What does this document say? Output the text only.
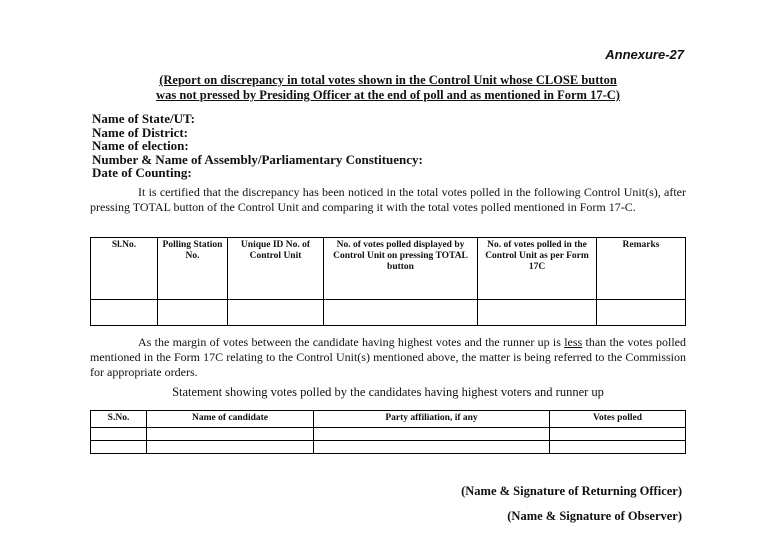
Annexure-27
(Report on discrepancy in total votes shown in the Control Unit whose CLOSE button
was not pressed by Presiding Officer at the end of poll and as mentioned in Form 17-C)
Name of State/UT:
Name of District:
Name of election:
Number & Name of Assembly/Parliamentary Constituency:
Date of Counting:
It is certified that the discrepancy has been noticed in the total votes polled in the following Control Unit(s), after pressing TOTAL button of the Control Unit and comparing it with the total votes polled mentioned in Form 17-C.
Sl.No.	Polling Station No.	Unique ID No. of Control Unit	No. of votes polled displayed by Control Unit on pressing TOTAL button	No. of votes polled in the Control Unit as per Form 17C	Remarks

As the margin of votes between the candidate having highest votes and the runner up is less than the votes polled mentioned in the Form 17C relating to the Control Unit(s) mentioned above, the matter is being referred to the Commission for appropriate orders.
Statement showing votes polled by the candidates having highest voters and runner up
S.No.	Name of candidate	Party affiliation, if any	Votes polled

(Name & Signature of Returning Officer)
(Name & Signature of Observer)
